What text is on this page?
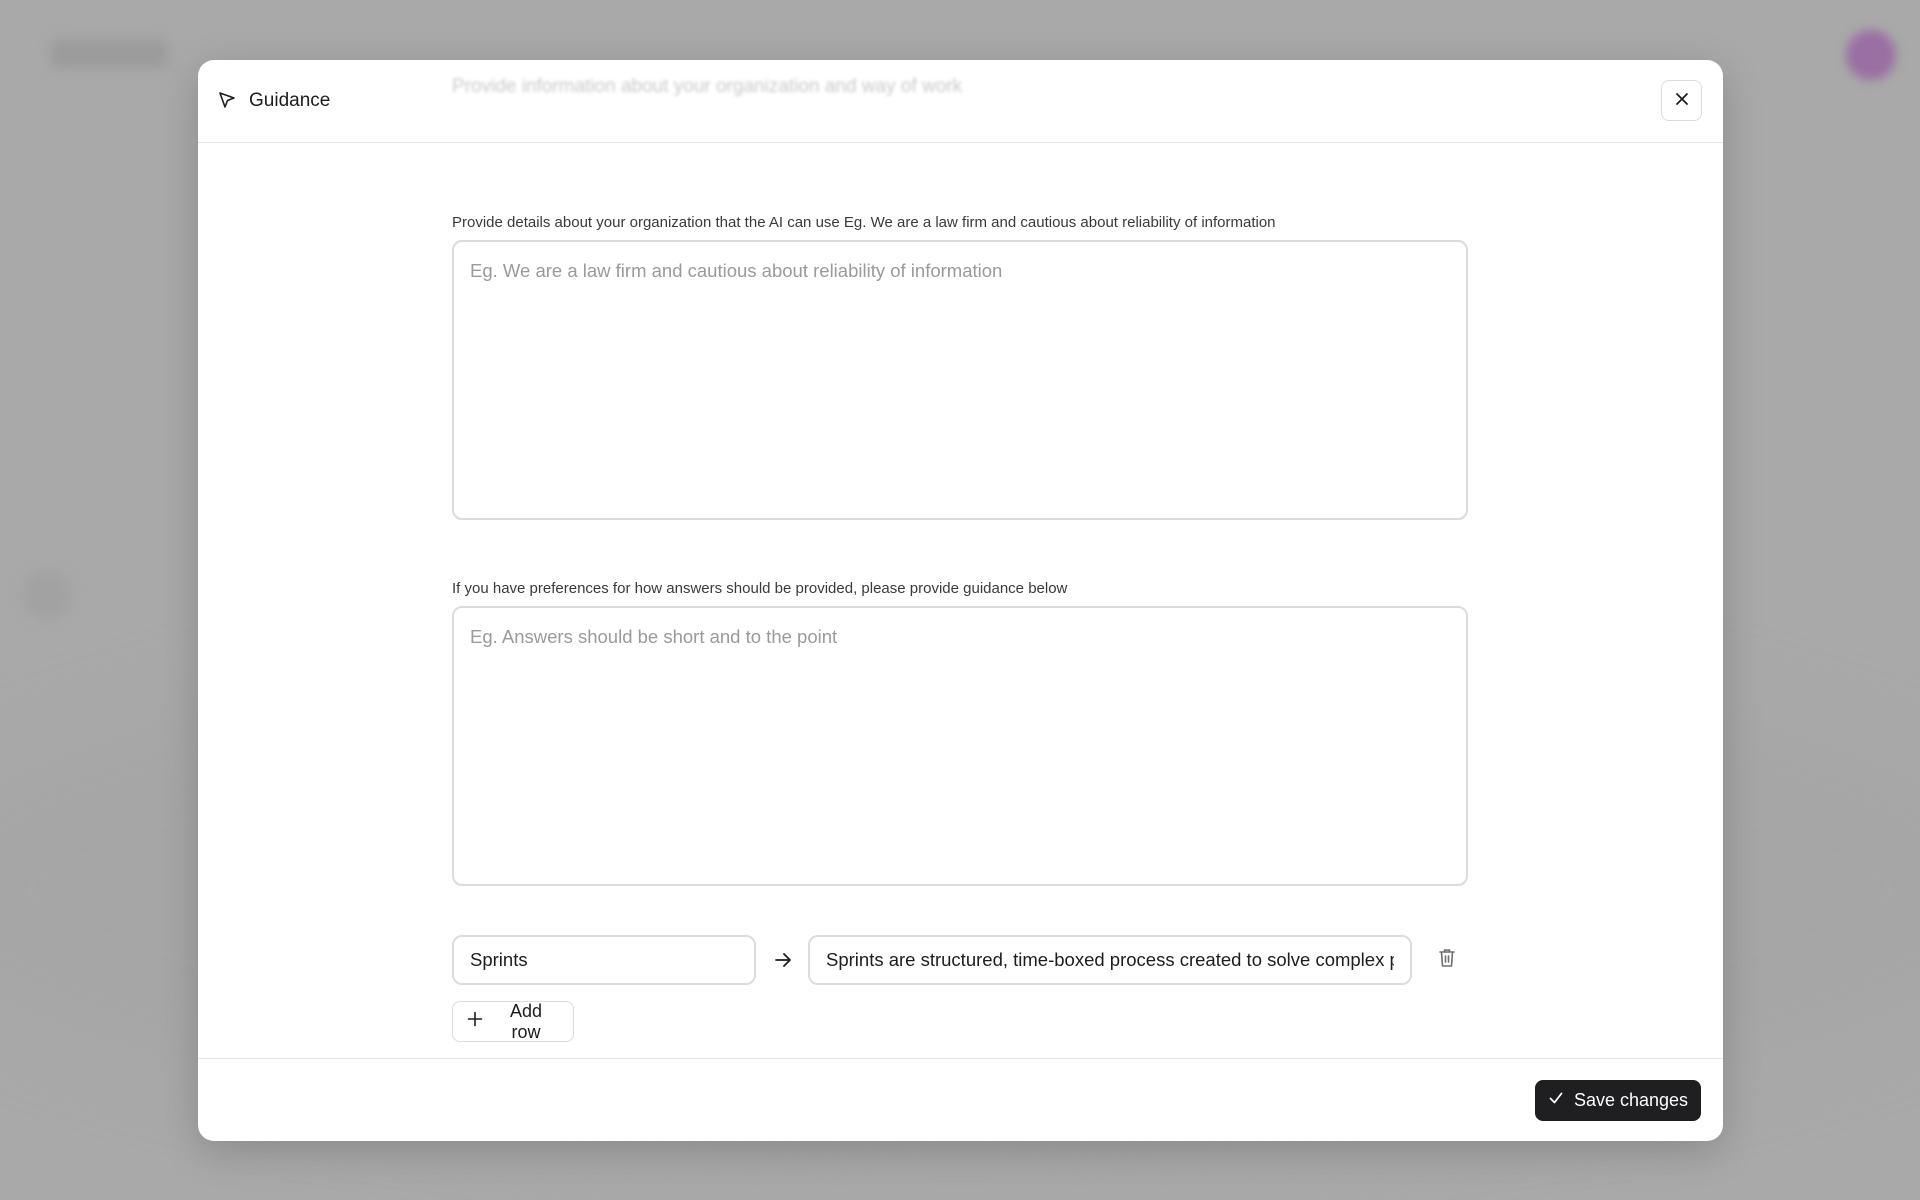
Guidance
Provide information about your organization and way of work
Provide details about your organization that the AI can use Eg. We are a law firm and cautious about reliability of information
Eg. We are a law firm and cautious about reliability of information
If you have preferences for how answers should be provided, please provide guidance below
Eg. Answers should be short and to the point
Sprints
Sprints are structured, time-boxed process created to solve complex problems
Add row
Save changes
